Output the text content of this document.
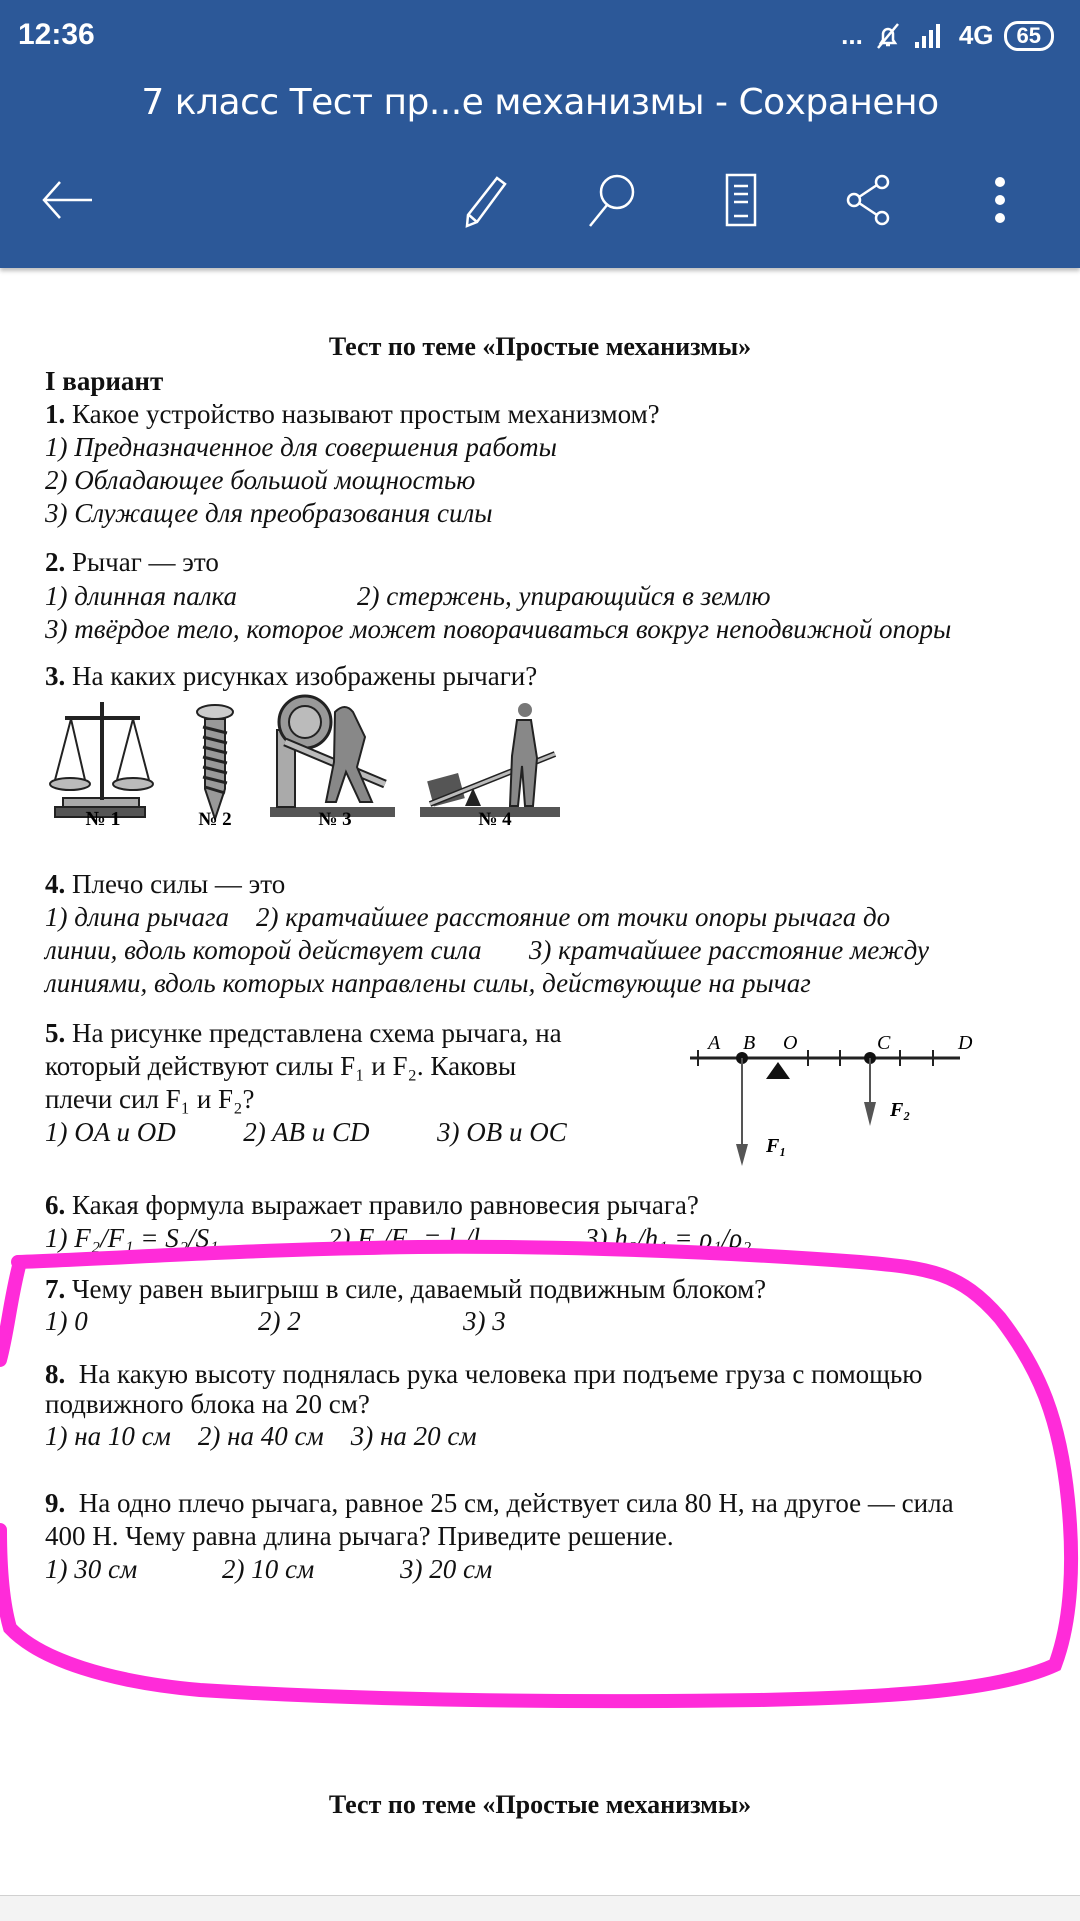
12:36	...	4G	65
7 класс Тест пр...е механизмы - Сохранено
Тест по теме «Простые механизмы»
I вариант
1. Какое устройство называют простым механизмом?
1) Предназначенное для совершения работы
2) Обладающее большой мощностью
3) Служащее для преобразования силы
2. Рычаг — это
1) длинная палка	2) стержень, упирающийся в землю
3) твёрдое тело, которое может поворачиваться вокруг неподвижной опоры
3. На каких рисунках изображены рычаги?
№ 1	№ 2	№ 3	№ 4
4. Плечо силы — это
1) длина рычага    2) кратчайшее расстояние от точки опоры рычага до
линии, вдоль которой действует сила       3) кратчайшее расстояние между
линиями, вдоль которых направлены силы, действующие на рычаг
5. На рисунке представлена схема рычага, на
который действуют силы F₁ и F₂. Каковы
плечи сил F₁ и F₂?
1) OA и OD          2) AB и CD          3) OB и OC
A B O	C	D
F₁
F₂
6. Какая формула выражает правило равновесия рычага?
1) F₂/F₁ = S₂/S₁	2) F₂/F₁ = l₁/l₂	3) h₂/h₁ = ρ₁/ρ₂
7. Чему равен выигрыш в силе, даваемый подвижным блоком?
1) 0	2) 2	3) 3
8.  На какую высоту поднялась рука человека при подъеме груза с помощью
подвижного блока на 20 см?
1) на 10 см    2) на 40 см    3) на 20 см
9.  На одно плечо рычага, равное 25 см, действует сила 80 Н, на другое — сила
400 Н. Чему равна длина рычага? Приведите решение.
1) 30 см	2) 10 см	3) 20 см
Тест по теме «Простые механизмы»
